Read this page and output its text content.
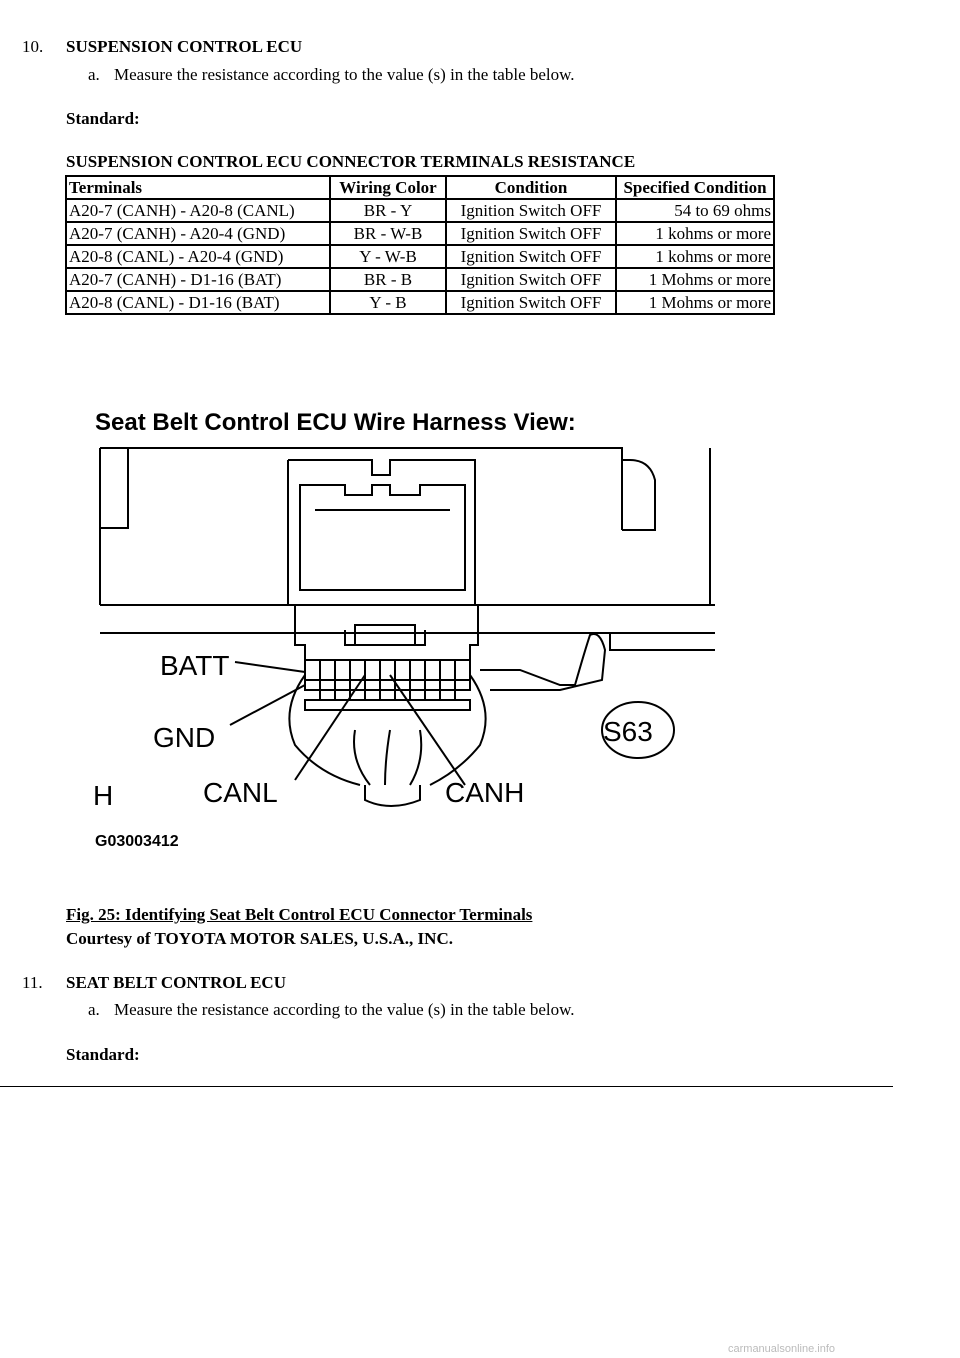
10. SUSPENSION CONTROL ECU
a. Measure the resistance according to the value (s) in the table below.
Standard:
SUSPENSION CONTROL ECU CONNECTOR TERMINALS RESISTANCE
Terminals	Wiring Color	Condition	Specified Condition
A20-7 (CANH) - A20-8 (CANL)	BR - Y	Ignition Switch OFF	54 to 69 ohms
A20-7 (CANH) - A20-4 (GND)	BR - W-B	Ignition Switch OFF	1 kohms or more
A20-8 (CANL) - A20-4 (GND)	Y - W-B	Ignition Switch OFF	1 kohms or more
A20-7 (CANH) - D1-16 (BAT)	BR - B	Ignition Switch OFF	1 Mohms or more
A20-8 (CANL) - D1-16 (BAT)	Y - B	Ignition Switch OFF	1 Mohms or more
Seat Belt Control ECU Wire Harness View:
BATT
GND
CANL	CANH
S63
H
G03003412
Fig. 25: Identifying Seat Belt Control ECU Connector Terminals
Courtesy of TOYOTA MOTOR SALES, U.S.A., INC.
11. SEAT BELT CONTROL ECU
a. Measure the resistance according to the value (s) in the table below.
Standard:
carmanualsonline.info
